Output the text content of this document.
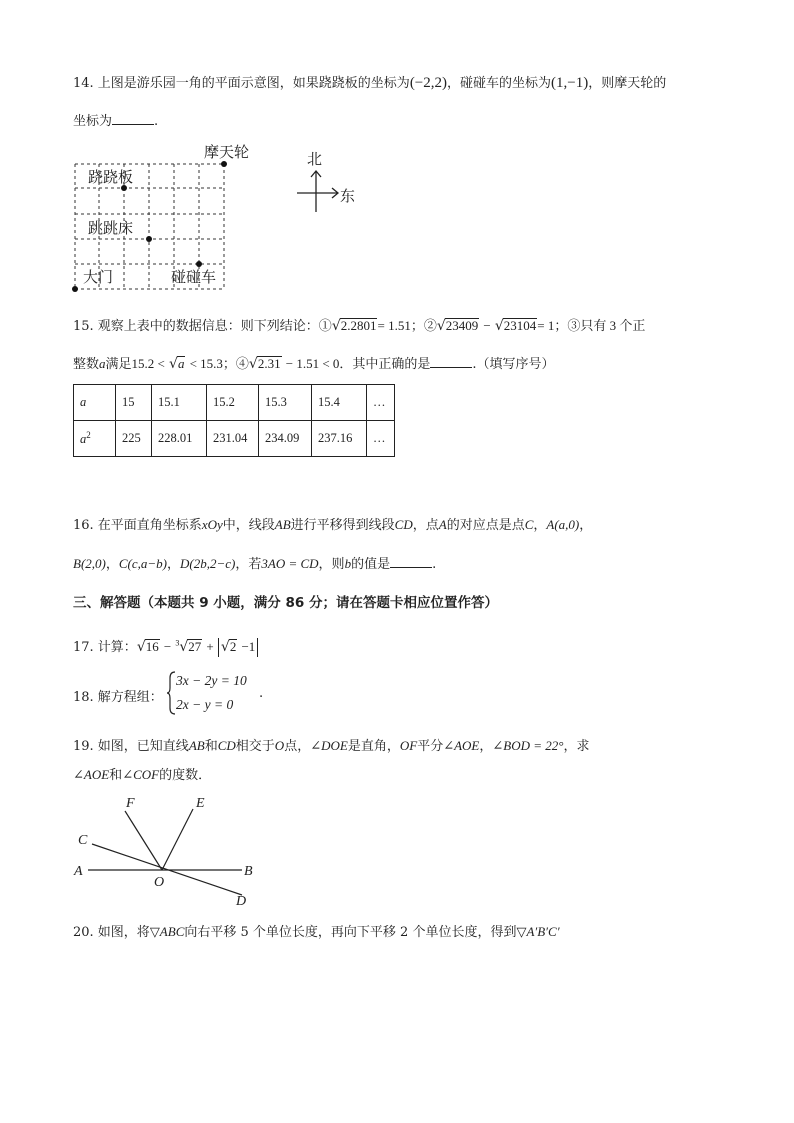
14. 上图是游乐园一角的平面示意图，如果跷跷板的坐标为(−2,2)，碰碰车的坐标为(1,−1)，则摩天轮的
坐标为	.
摩天轮
跷跷板
跳跳床
大门	碰碰车
北
东
15. 观察上表中的数据信息：则下列结论：①√2.2801= 1.51；②√23409 − √23104= 1；③只有 3 个正
整数a满足15.2 < √a < 15.3；④√2.31 − 1.51 < 0．其中正确的是	.（填写序号）
a	15	15.1	15.2	15.3	15.4	…
$a^2$	225	228.01	231.04	234.09	237.16	…
16. 在平面直角坐标系xOy中，线段AB进行平移得到线段CD，点A的对应点是点C，A(a,0)，
B(2,0)，C(c,a−b)，D(2b,2−c)，若3AO = CD，则b的值是	.
三、解答题（本题共 9 小题，满分 86 分；请在答题卡相应位置作答）
17. 计算：√16 − $^3$√27 + √2 −1
18. 解方程组：
3x − 2y = 10
2x − y = 0
.
19. 如图，已知直线AB和CD相交于O点，∠DOE是直角，OF平分∠AOE，∠BOD = 22°，求
∠AOE和∠COF的度数．
F	E
C
A
O
B
D
20. 如图，将▽ABC向右平移 5 个单位长度，再向下平移 2 个单位长度，得到▽A′B′C′
